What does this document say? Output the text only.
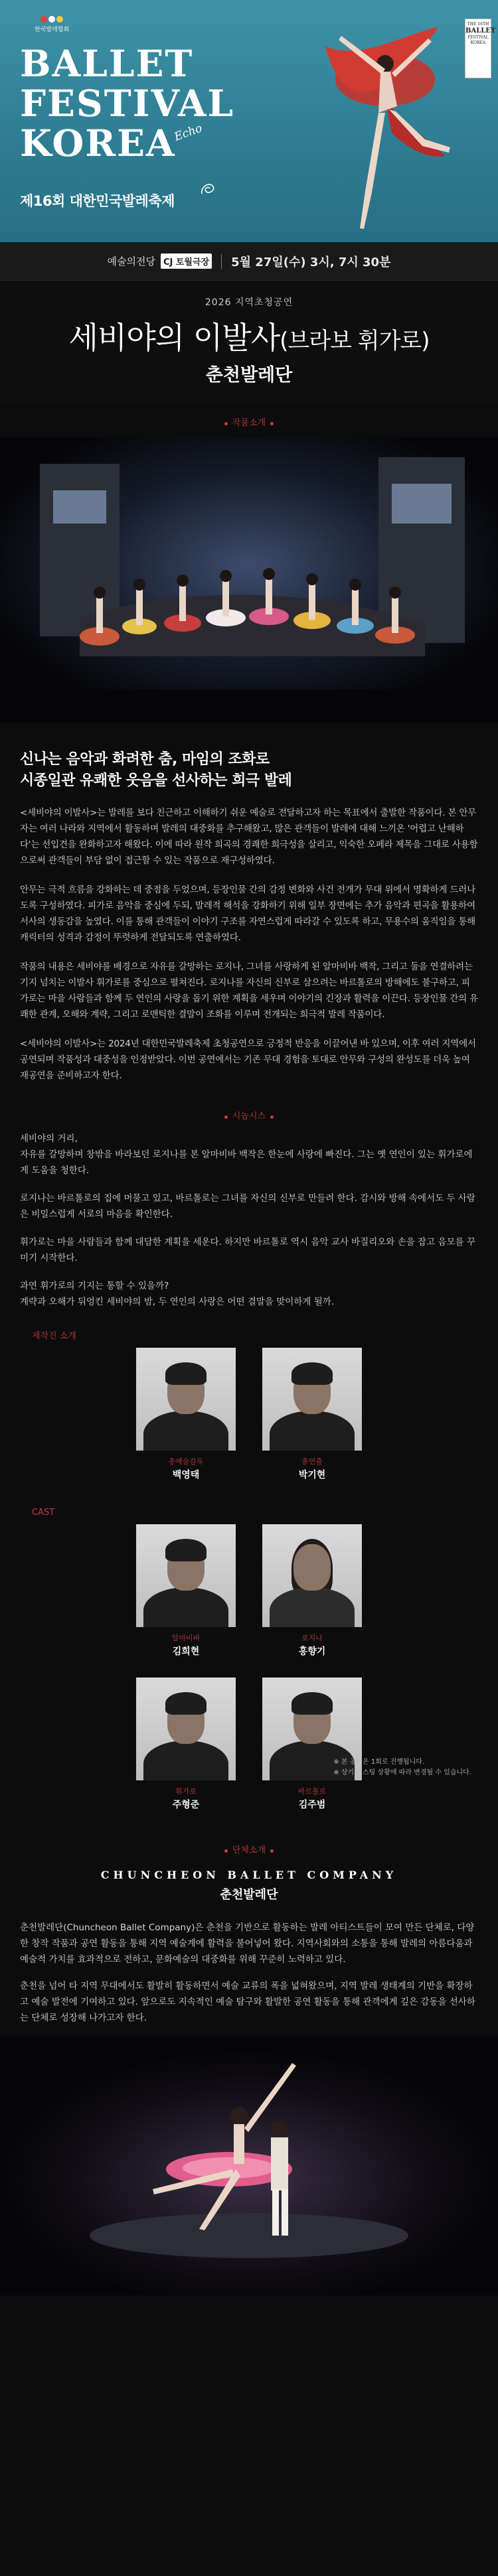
한국발레협회
BALLET
FESTIVAL
KOREA
Echo
제16회 대한민국발레축제
THE 16TH
BALLET
FESTIVAL
KOREA
예술의전당 CJ 토월극장 5월 27일(수) 3시, 7시 30분
2026 지역초청공연
세비야의 이발사(브라보 휘가로)
춘천발레단
작품소개
신나는 음악과 화려한 춤, 마임의 조화로
시종일관 유쾌한 웃음을 선사하는 희극 발레

<세비야의 이발사>는 발레를 보다 친근하고 이해하기 쉬운 예술로 전달하고자 하는 목표에서 출발한 작품이다. 본 안무자는 여러 나라와 지역에서 활동하며 발레의 대중화를 추구해왔고, 많은 관객들이 발레에 대해 느끼온 '어렵고 난해하다'는 선입견을 완화하고자 해왔다. 이에 따라 원작 희곡의 경쾌한 희극성을 살리고, 익숙한 오페라 제목을 그대로 사용함으로써 관객들이 부담 없이 접근할 수 있는 작품으로 재구성하였다.

안무는 극적 흐름을 강화하는 데 중점을 두었으며, 등장인물 간의 감정 변화와 사건 전개가 무대 위에서 명확하게 드러나도록 구성하였다. 피가로 음악을 중심에 두되, 발레적 해석을 강화하기 위해 일부 장면에는 추가 음악과 편곡을 활용하여 서사의 생동감을 높였다. 이를 통해 관객들이 이야기 구조를 자연스럽게 따라갈 수 있도록 하고, 무용수의 움직임을 통해 캐릭터의 성격과 감정이 뚜렷하게 전달되도록 연출하였다.

작품의 내용은 세비야를 배경으로 자유를 갈망하는 로지나, 그녀를 사랑하게 된 알마비바 백작, 그리고 둘을 연결하려는 기지 넘치는 이발사 휘가로를 중심으로 펼쳐진다. 로지나를 자신의 신부로 삼으려는 바르톨로의 방해에도 불구하고, 피가로는 마을 사람들과 함께 두 연인의 사랑을 돕기 위한 계획을 세우며 이야기의 긴장과 활력을 이끈다. 등장인물 간의 유쾌한 관계, 오해와 계략, 그리고 로맨틱한 결말이 조화를 이루며 전개되는 희극적 발레 작품이다.

<세비야의 이발사>는 2024년 대한민국발레축제 초청공연으로 긍정적 반응을 이끌어낸 바 있으며, 이후 여러 지역에서 공연되며 작품성과 대중성을 인정받았다. 이번 공연에서는 기존 무대 경험을 토대로 안무와 구성의 완성도를 더욱 높여 재공연을 준비하고자 한다.

시놉시스

세비야의 거리,
자유를 갈망하며 창밖을 바라보던 로지나를 본 알마비바 백작은 한눈에 사랑에 빠진다. 그는 옛 연인이 있는 휘가로에게 도움을 청한다.

로지나는 바르톨로의 집에 머물고 있고, 바르톨로는 그녀를 자신의 신부로 만들려 한다. 감시와 방해 속에서도 두 사람은 비밀스럽게 서로의 마음을 확인한다.

휘가로는 마을 사람들과 함께 대담한 계획을 세운다. 하지만 바르톨로 역시 음악 교사 바질리오와 손을 잡고 음모를 꾸미기 시작한다.

과연 휘가로의 기지는 통할 수 있을까?
계략과 오해가 뒤엉킨 세비야의 밤, 두 연인의 사랑은 어떤 결말을 맞이하게 될까.

제작진 소개
총예술감독
백영태
총연출
박기현
CAST
알마비바
김희현
로지나
홍향기
휘가로
주형준
바르톨로
김주범
※ 본 공연은 1회로 진행됩니다.
※ 상기 캐스팅 상황에 따라 변경될 수 있습니다.
단체소개
CHUNCHEON BALLET COMPANY
춘천발레단

춘천발레단(Chuncheon Ballet Company)은 춘천을 기반으로 활동하는 발레 아티스트들이 모여 만든 단체로, 다양한 창작 작품과 공연 활동을 통해 지역 예술계에 활력을 불어넣어 왔다. 지역사회와의 소통을 통해 발레의 아름다움과 예술적 가치를 효과적으로 전하고, 문화예술의 대중화를 위해 꾸준히 노력하고 있다.

춘천을 넘어 타 지역 무대에서도 활발히 활동하면서 예술 교류의 폭을 넓혀왔으며, 지역 발레 생태계의 기반을 확장하고 예술 발전에 기여하고 있다. 앞으로도 지속적인 예술 탐구와 활발한 공연 활동을 통해 관객에게 깊은 감동을 선사하는 단체로 성장해 나가고자 한다.
